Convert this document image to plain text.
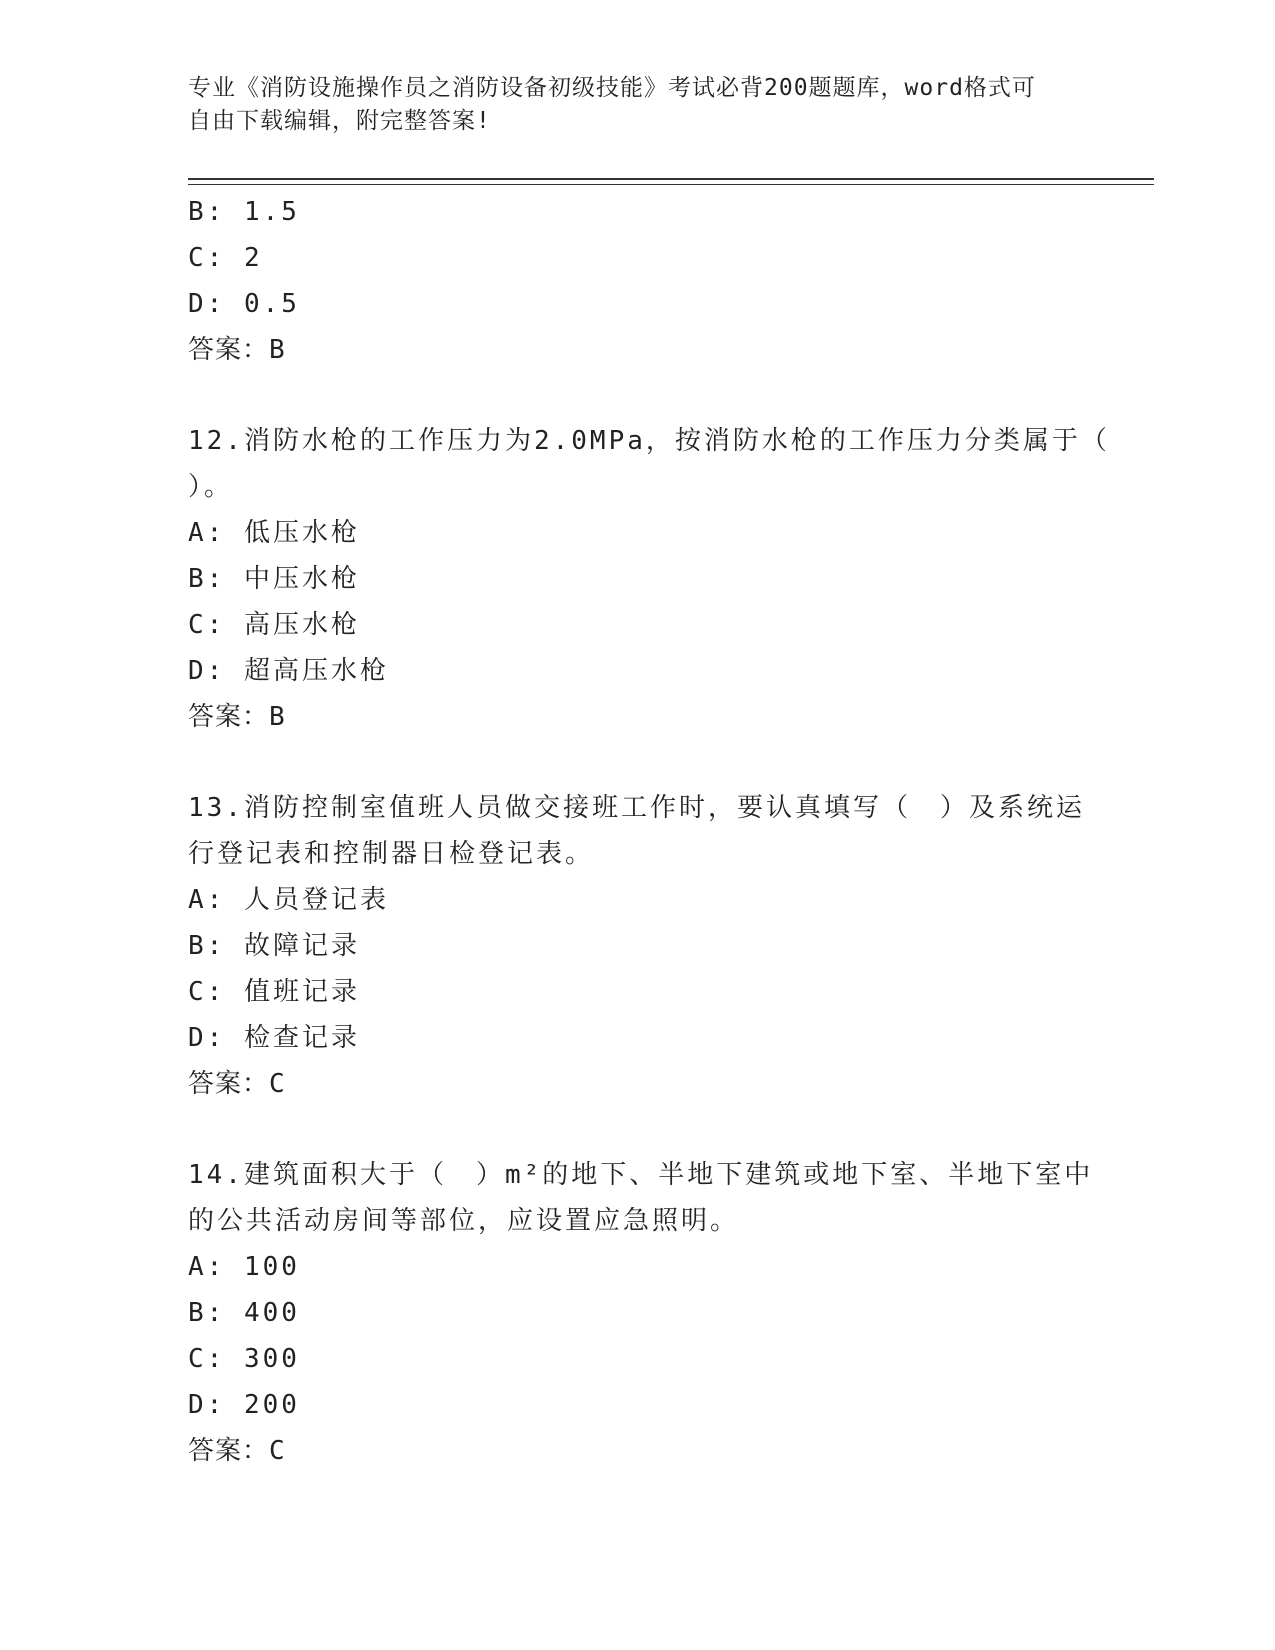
专业《消防设施操作员之消防设备初级技能》考试必背200题题库，word格式可
自由下载编辑，附完整答案!
B: 1.5
C: 2
D: 0.5
答案：B
12.消防水枪的工作压力为2.0MPa，按消防水枪的工作压力分类属于（
）。
A: 低压水枪
B: 中压水枪
C: 高压水枪
D: 超高压水枪
答案：B
13.消防控制室值班人员做交接班工作时，要认真填写（　）及系统运
行登记表和控制器日检登记表。
A: 人员登记表
B: 故障记录
C: 值班记录
D: 检查记录
答案：C
14.建筑面积大于（　）m²的地下、半地下建筑或地下室、半地下室中
的公共活动房间等部位，应设置应急照明。
A: 100
B: 400
C: 300
D: 200
答案：C
